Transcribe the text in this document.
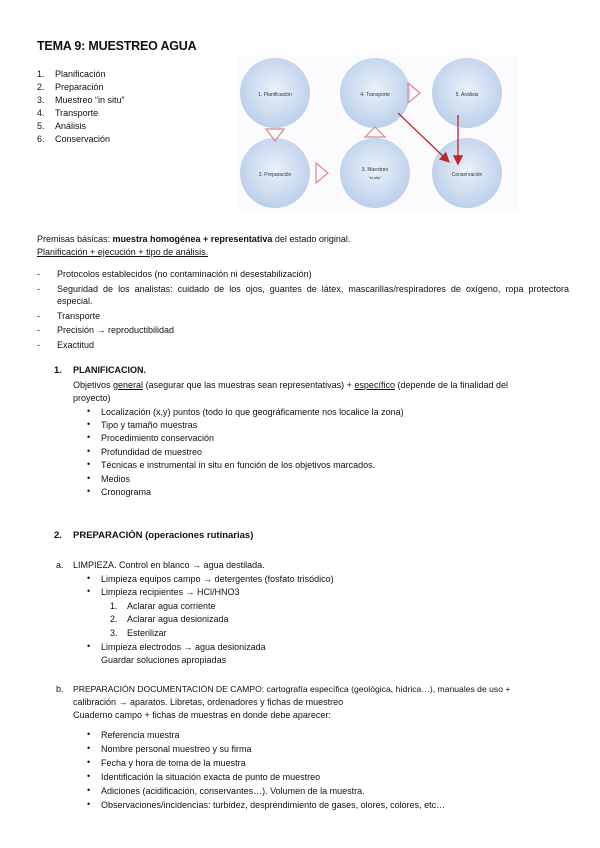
TEMA 9: MUESTREO AGUA
1. Planificación
2. Preparación
3. Muestreo “in situ”
4. Transporte
5. Análisis
6. Conservación
1. Planificación	4. Transporte	5. Análisis
2. Preparación
3. Muestreo
“in situ”	Conservación
Premisas básicas: muestra homogénea + representativa del estado original.
Planificación + ejecución + tipo de análisis.
- Protocolos establecidos (no contaminación ni desestabilización)
- Seguridad de los analistas: cuidado de los ojos, guantes de látex, mascarillas/respiradores de oxígeno, ropa protectora especial.
- Transporte
- Precisión → reproductibilidad
- Exactitud
1. PLANIFICACION.
Objetivos general (asegurar que las muestras sean representativas) + específico (depende de la finalidad del
proyecto)
• Localización (x,y) puntos (todo lo que geográficamente nos localice la zona)
• Tipo y tamaño muestras
• Procedimiento conservación
• Profundidad de muestreo
• Técnicas e instrumental in situ en función de los objetivos marcados.
• Medios
• Cronograma
2. PREPARACIÓN (operaciones rutinarias)
a. LIMPIEZA. Control en blanco → agua destilada.
• Limpieza equipos campo → detergentes (fosfato trisódico)
• Limpieza recipientes → HCl/HNO3
1. Aclarar agua corriente
2. Aclarar agua desionizada
3. Esterilizar
• Limpieza electrodos → agua desionizada
Guardar soluciones apropiadas
b. PREPARACIÓN DOCUMENTACIÓN DE CAMPO: cartografía específica (geológica, hídrica…), manuales de uso +
calibración → aparatos. Libretas, ordenadores y fichas de muestreo
Cuaderno campo + fichas de muestras en donde debe aparecer:
• Referencia muestra
• Nombre personal muestreo y su firma
• Fecha y hora de toma de la muestra
• Identificación la situación exacta de punto de muestreo
• Adiciones (acidificación, conservantes…). Volumen de la muestra.
• Observaciones/incidencias: turbidez, desprendimiento de gases, olores, colores, etc…
